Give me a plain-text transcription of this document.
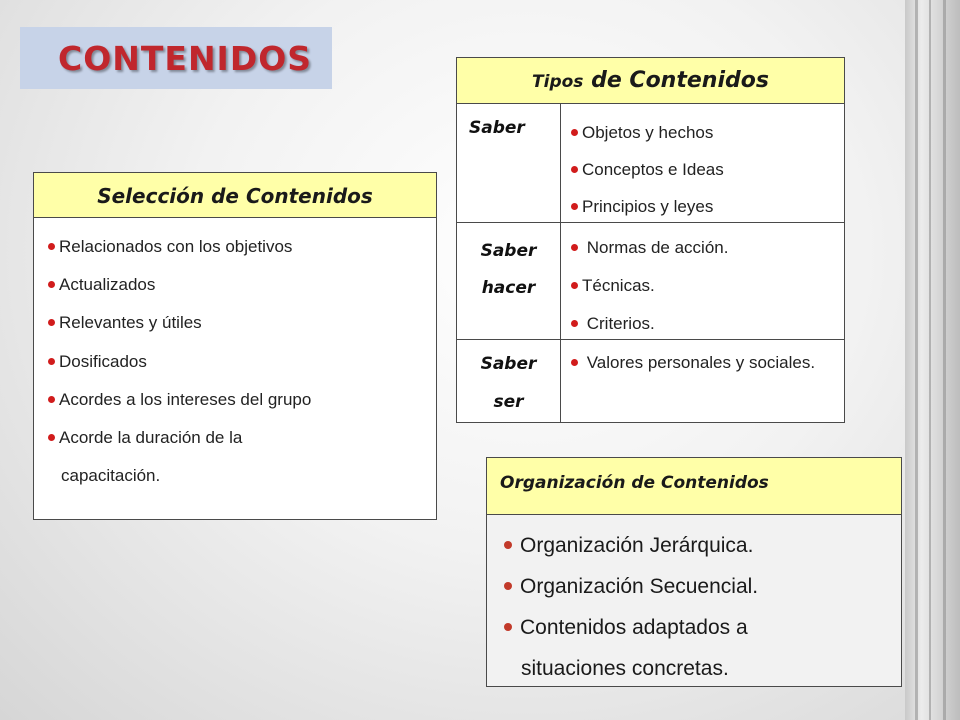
CONTENIDOS
Selección de Contenidos
Relacionados con los objetivos
Actualizados
Relevantes y útiles
Dosificados
Acordes a los intereses del grupo
Acorde la duración de la
capacitación.
Tipos de Contenidos
Saber	Objetos y hechos
Conceptos e Ideas
Principios y leyes
Saber
hacer
Normas de acción.
Técnicas.
Criterios.
Saber
ser
Valores personales y sociales.
Organización de Contenidos
Organización Jerárquica.
Organización Secuencial.
Contenidos adaptados a
situaciones concretas.
